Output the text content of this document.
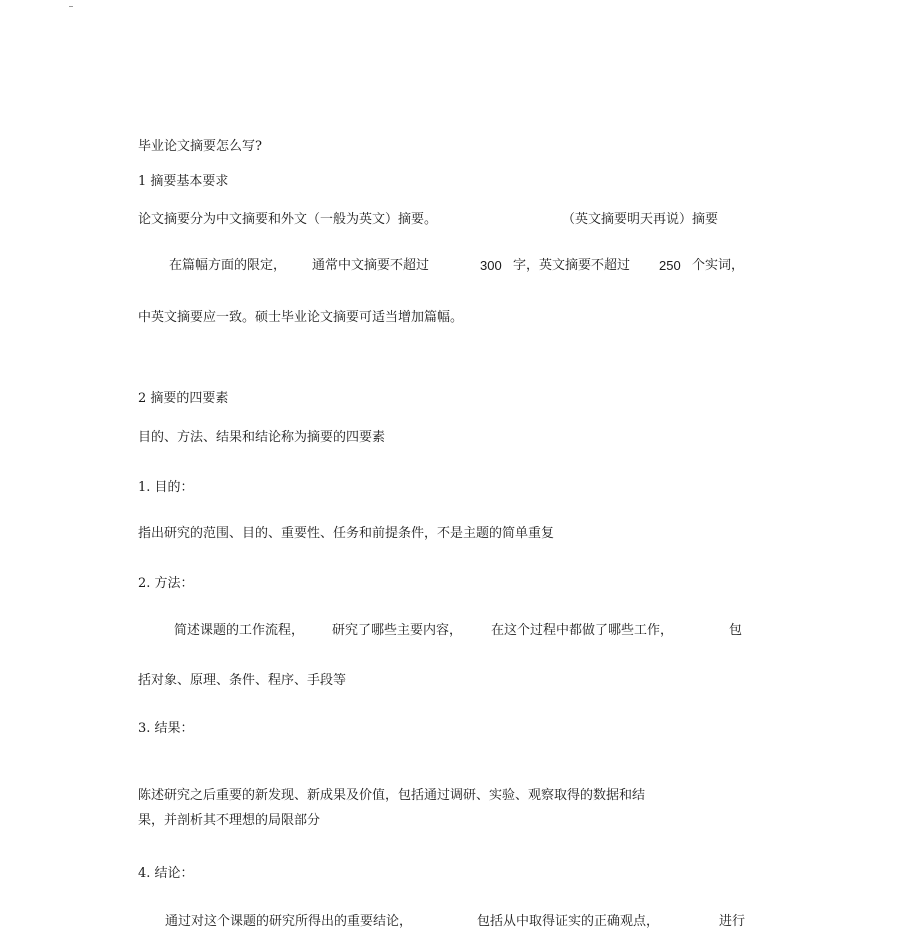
毕业论文摘要怎么写?
1 摘要基本要求
论文摘要分为中文摘要和外文（一般为英文）摘要。	（英文摘要明天再说）摘要
在篇幅方面的限定， 通常中文摘要不超过	300 字，英文摘要不超过 250 个实词，
中英文摘要应一致。硕士毕业论文摘要可适当增加篇幅。
2 摘要的四要素
目的、方法、结果和结论称为摘要的四要素
1. 目的：
指出研究的范围、目的、重要性、任务和前提条件，不是主题的简单重复
2. 方法：
简述课题的工作流程， 研究了哪些主要内容， 在这个过程中都做了哪些工作，	包
括对象、原理、条件、程序、手段等
3. 结果：
陈述研究之后重要的新发现、新成果及价值，包括通过调研、实验、观察取得的数据和结
果，并剖析其不理想的局限部分
4. 结论：
通过对这个课题的研究所得出的重要结论，	包括从中取得证实的正确观点，	进行
